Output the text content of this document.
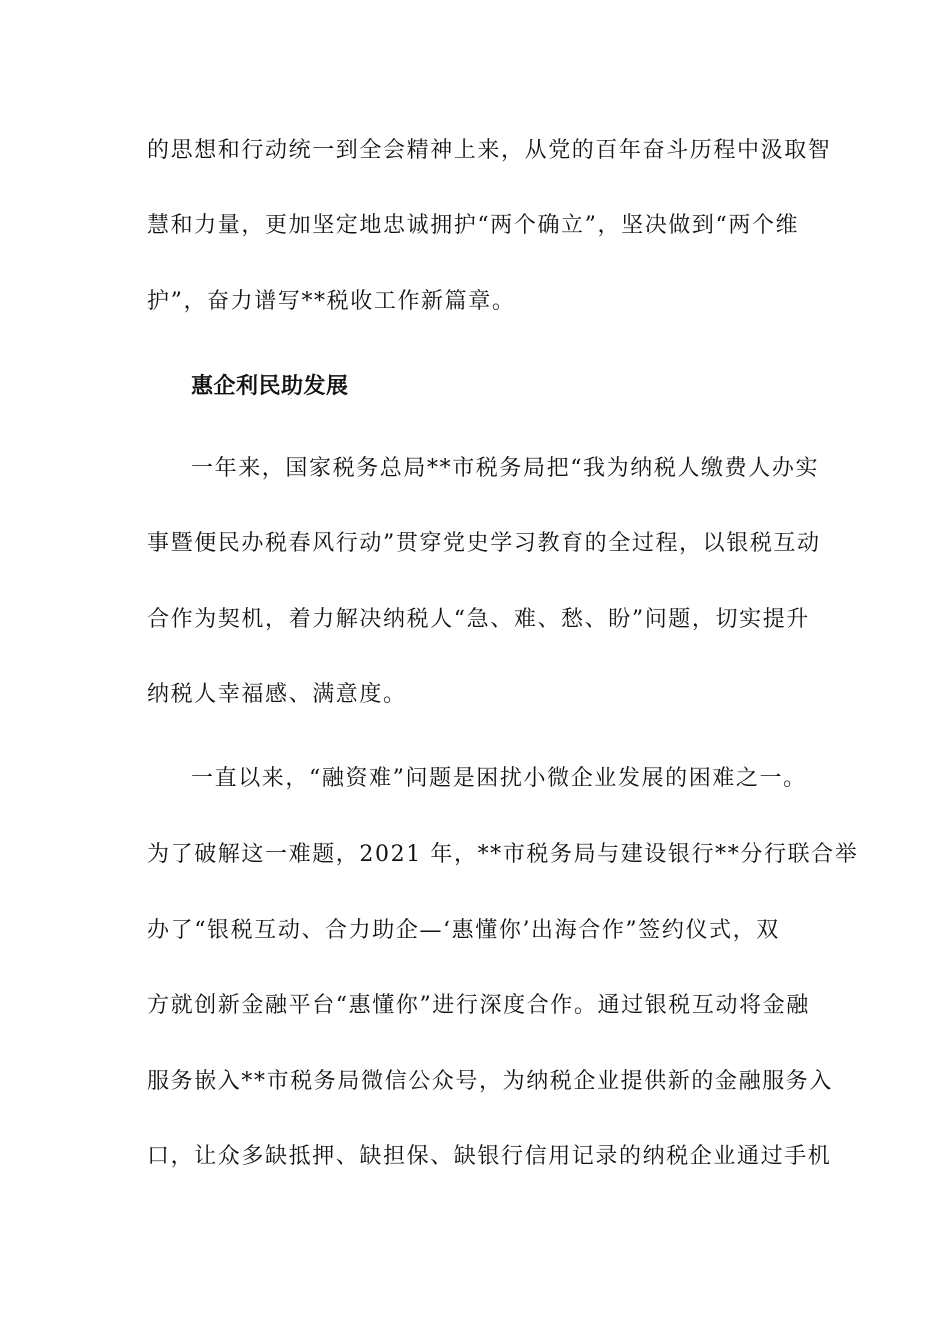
的思想和行动统一到全会精神上来，从党的百年奋斗历程中汲取智
慧和力量，更加坚定地忠诚拥护“两个确立”，坚决做到“两个维
护”，奋力谱写**税收工作新篇章。
惠企利民助发展
一年来，国家税务总局**市税务局把“我为纳税人缴费人办实
事暨便民办税春风行动”贯穿党史学习教育的全过程，以银税互动
合作为契机，着力解决纳税人“急、难、愁、盼”问题，切实提升
纳税人幸福感、满意度。
一直以来，“融资难”问题是困扰小微企业发展的困难之一。
为了破解这一难题，2021 年，**市税务局与建设银行**分行联合举
办了“银税互动、合力助企—‘惠懂你’出海合作”签约仪式，双
方就创新金融平台“惠懂你”进行深度合作。通过银税互动将金融
服务嵌入**市税务局微信公众号，为纳税企业提供新的金融服务入
口，让众多缺抵押、缺担保、缺银行信用记录的纳税企业通过手机
